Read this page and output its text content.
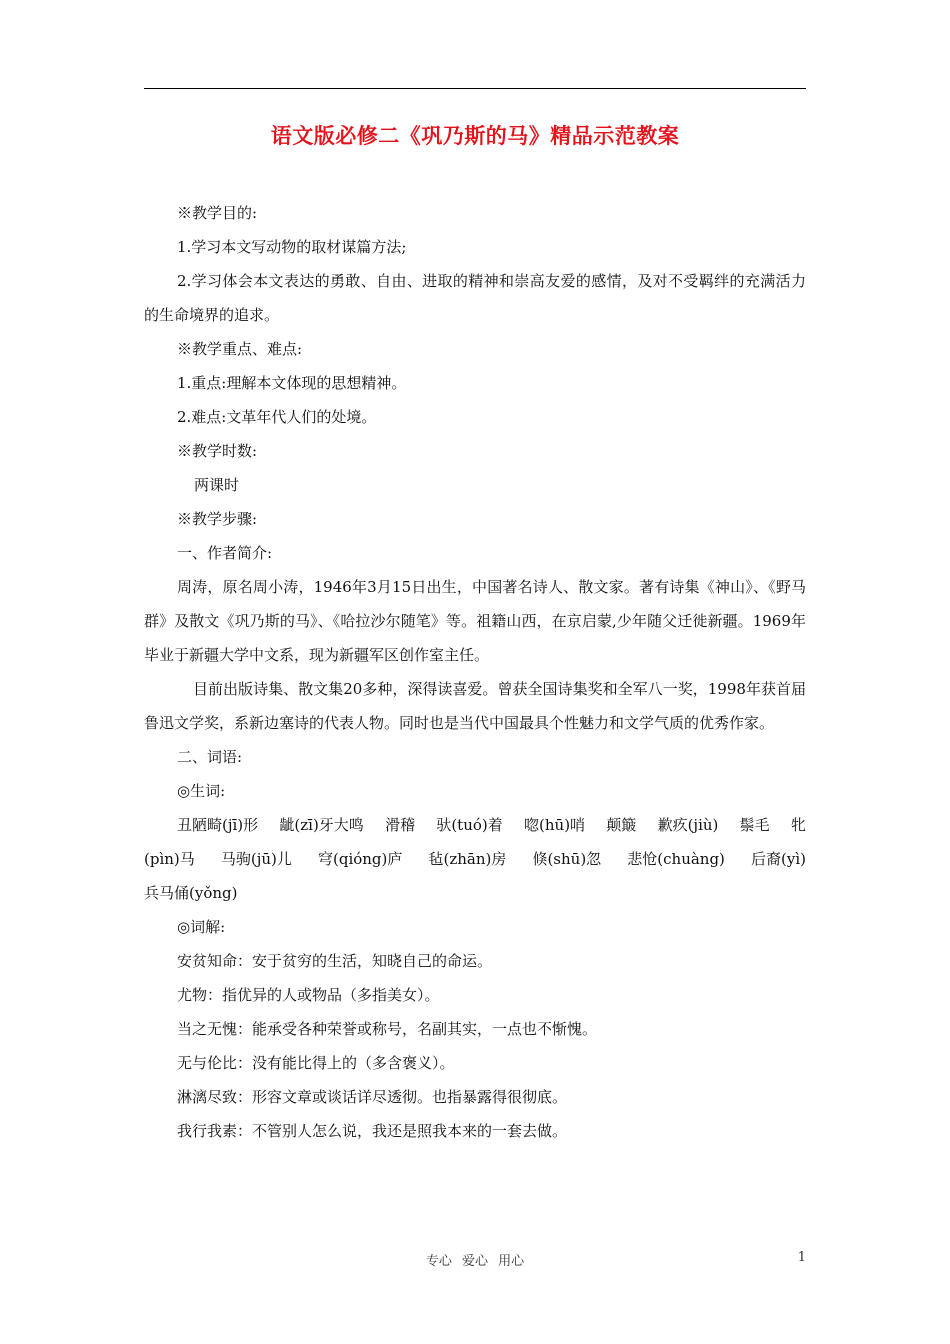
语文版必修二《巩乃斯的马》精品示范教案
※教学目的:
1.学习本文写动物的取材谋篇方法;
2.学习体会本文表达的勇敢、自由、进取的精神和崇高友爱的感情，及对不受羁绊的充满活力的生命境界的追求。
※教学重点、难点:
1.重点:理解本文体现的思想精神。
2.难点:文革年代人们的处境。
※教学时数:
两课时
※教学步骤:
一、作者简介:
周涛，原名周小涛，1946年3月15日出生，中国著名诗人、散文家。著有诗集《神山》、《野马群》及散文《巩乃斯的马》、《哈拉沙尔随笔》等。祖籍山西，在京启蒙,少年随父迁徙新疆。1969年毕业于新疆大学中文系，现为新疆军区创作室主任。
目前出版诗集、散文集20多种，深得读喜爱。曾获全国诗集奖和全军八一奖，1998年获首届鲁迅文学奖，系新边塞诗的代表人物。同时也是当代中国最具个性魅力和文学气质的优秀作家。
二、词语:
◎生词:
丑陋畸(jī)形 龇(zī)牙大鸣 滑稽 驮(tuó)着 唿(hū)哨 颠簸 歉疚(jiù) 鬃毛 牝
(pìn)马 马驹(jū)儿 穹(qióng)庐 毡(zhān)房 倏(shū)忽 悲怆(chuàng) 后裔(yì)
兵马俑(yǒng)
◎词解:
安贫知命：安于贫穷的生活，知晓自己的命运。
尤物：指优异的人或物品（多指美女）。
当之无愧：能承受各种荣誉或称号，名副其实，一点也不惭愧。
无与伦比：没有能比得上的（多含褒义）。
淋漓尽致：形容文章或谈话详尽透彻。也指暴露得很彻底。
我行我素：不管别人怎么说，我还是照我本来的一套去做。
专心 爱心 用心	1
